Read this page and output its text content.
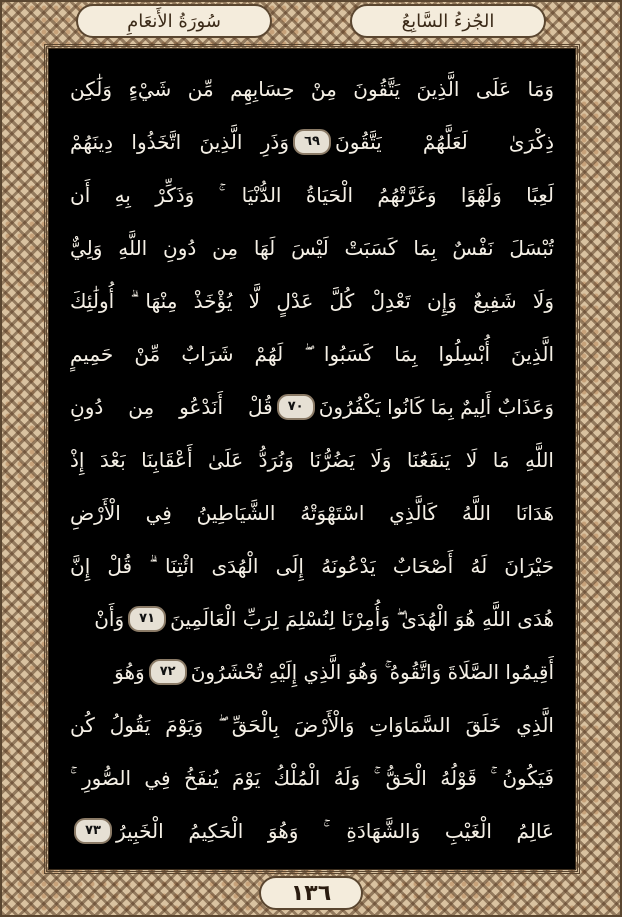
سُورَةُ الأَنعَامِ	الجُزءُ السَّابِعُ
وَمَا عَلَى الَّذِينَ يَتَّقُونَ مِنْ حِسَابِهِم مِّن شَيْءٍ وَلَٰكِن
ذِكْرَىٰ لَعَلَّهُمْ يَتَّقُونَ
٦٩
وَذَرِ الَّذِينَ اتَّخَذُوا دِينَهُمْ
لَعِبًا وَلَهْوًا وَغَرَّتْهُمُ الْحَيَاةُ الدُّنْيَا ۚ وَذَكِّرْ بِهِ أَن
تُبْسَلَ نَفْسٌ بِمَا كَسَبَتْ لَيْسَ لَهَا مِن دُونِ اللَّهِ وَلِيٌّ
وَلَا شَفِيعٌ وَإِن تَعْدِلْ كُلَّ عَدْلٍ لَّا يُؤْخَذْ مِنْهَا ۗ أُولَٰئِكَ
الَّذِينَ أُبْسِلُوا بِمَا كَسَبُوا ۖ لَهُمْ شَرَابٌ مِّنْ حَمِيمٍ
وَعَذَابٌ أَلِيمٌ بِمَا كَانُوا يَكْفُرُونَ
٧٠
قُلْ أَنَدْعُو مِن دُونِ
اللَّهِ مَا لَا يَنفَعُنَا وَلَا يَضُرُّنَا وَنُرَدُّ عَلَىٰ أَعْقَابِنَا بَعْدَ إِذْ
هَدَانَا اللَّهُ كَالَّذِي اسْتَهْوَتْهُ الشَّيَاطِينُ فِي الْأَرْضِ
حَيْرَانَ لَهُ أَصْحَابٌ يَدْعُونَهُ إِلَى الْهُدَى ائْتِنَا ۗ قُلْ إِنَّ
هُدَى اللَّهِ هُوَ الْهُدَىٰ ۖ وَأُمِرْنَا لِنُسْلِمَ لِرَبِّ الْعَالَمِينَ
٧١
وَأَنْ
أَقِيمُوا الصَّلَاةَ وَاتَّقُوهُ ۚ وَهُوَ الَّذِي إِلَيْهِ تُحْشَرُونَ
٧٢
وَهُوَ
الَّذِي خَلَقَ السَّمَاوَاتِ وَالْأَرْضَ بِالْحَقِّ ۖ وَيَوْمَ يَقُولُ كُن
فَيَكُونُ ۚ قَوْلُهُ الْحَقُّ ۚ وَلَهُ الْمُلْكُ يَوْمَ يُنفَخُ فِي الصُّورِ ۚ
عَالِمُ الْغَيْبِ وَالشَّهَادَةِ ۚ وَهُوَ الْحَكِيمُ الْخَبِيرُ
٧٣
١٣٦
